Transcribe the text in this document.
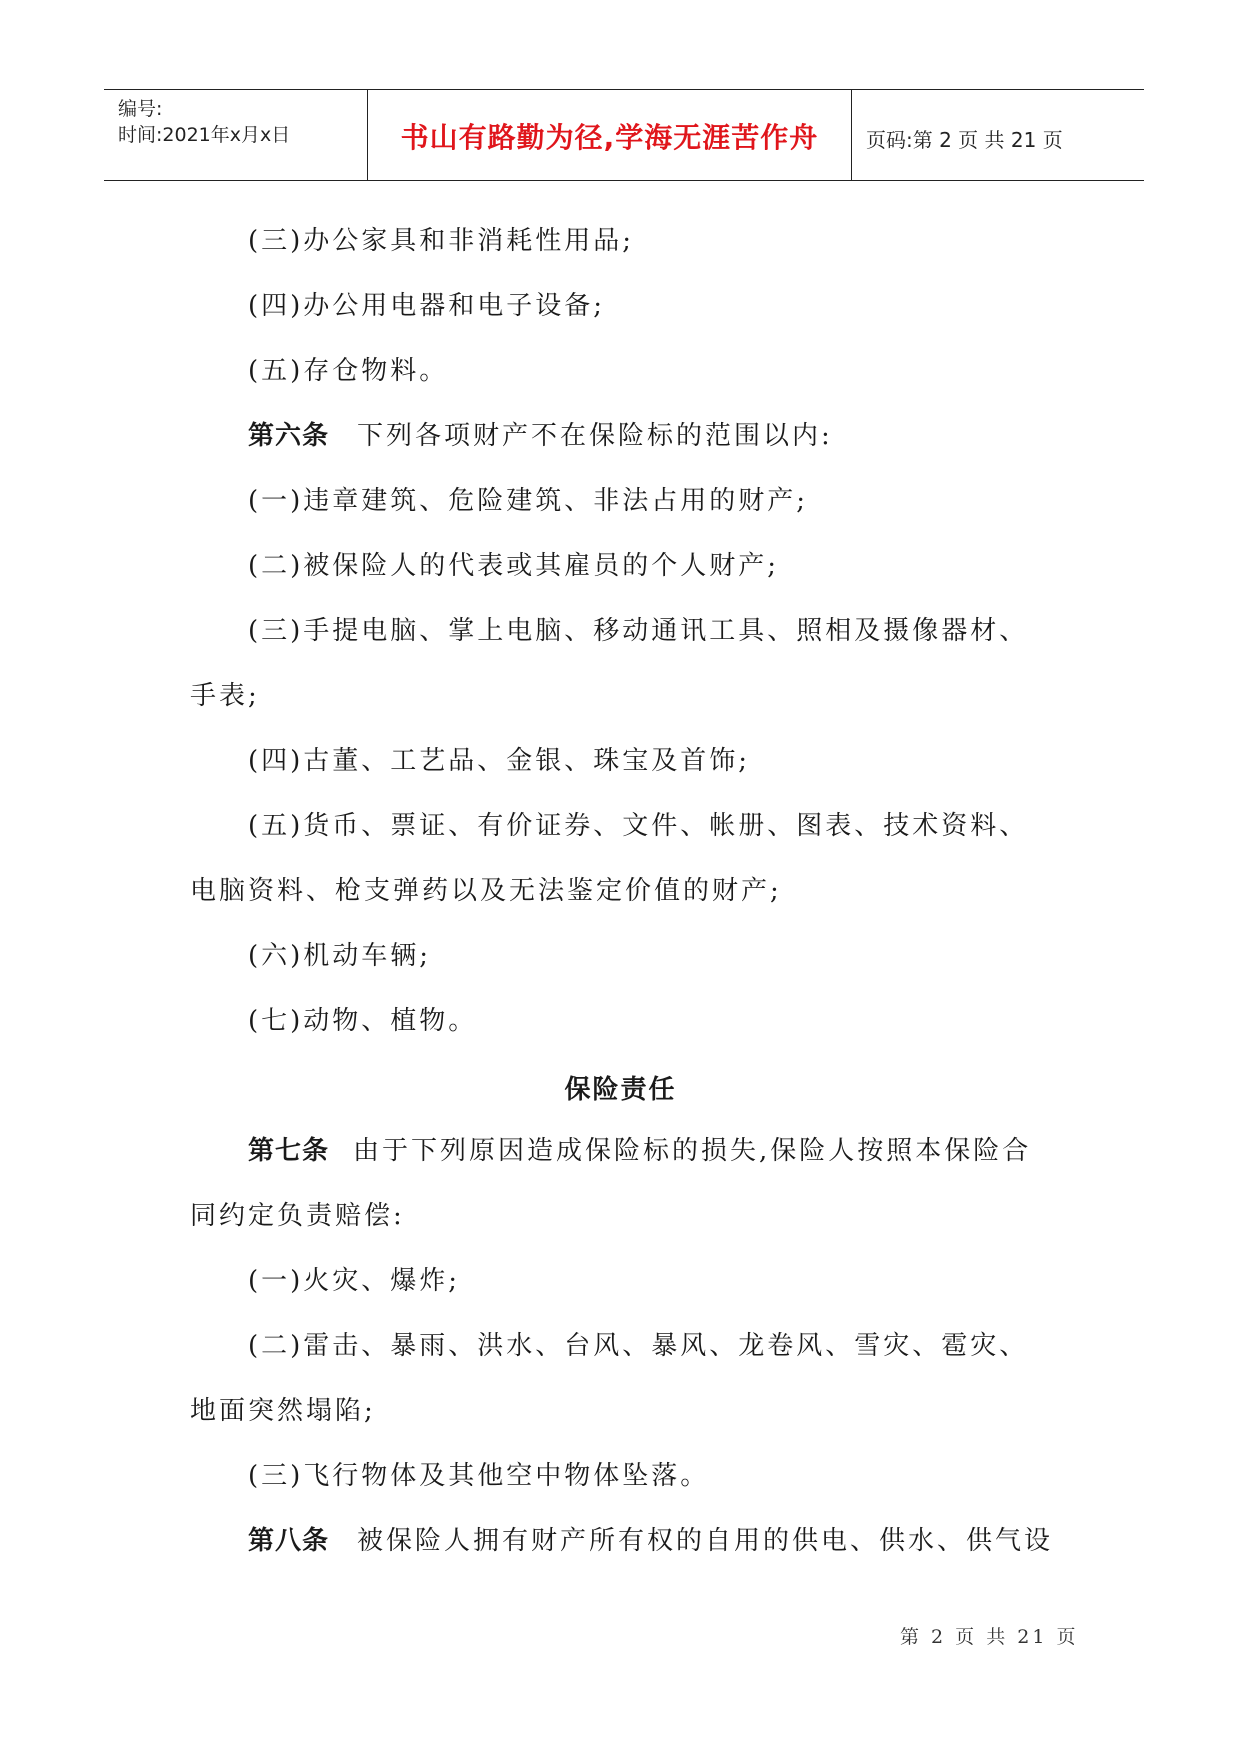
编号:
时间:2021年x月x日	书山有路勤为径,学海无涯苦作舟	页码:第 2 页 共 21 页
(三)办公家具和非消耗性用品;
(四)办公用电器和电子设备;
(五)存仓物料。
第六条 下列各项财产不在保险标的范围以内:
(一)违章建筑、危险建筑、非法占用的财产;
(二)被保险人的代表或其雇员的个人财产;
(三)手提电脑、掌上电脑、移动通讯工具、照相及摄像器材、
手表;
(四)古董、工艺品、金银、珠宝及首饰;
(五)货币、票证、有价证券、文件、帐册、图表、技术资料、
电脑资料、枪支弹药以及无法鉴定价值的财产;
(六)机动车辆;
(七)动物、植物。
保险责任
第七条 由于下列原因造成保险标的损失,保险人按照本保险合
同约定负责赔偿:
(一)火灾、爆炸;
(二)雷击、暴雨、洪水、台风、暴风、龙卷风、雪灾、雹灾、
地面突然塌陷;
(三)飞行物体及其他空中物体坠落。
第八条 被保险人拥有财产所有权的自用的供电、供水、供气设
第 2 页 共 21 页
